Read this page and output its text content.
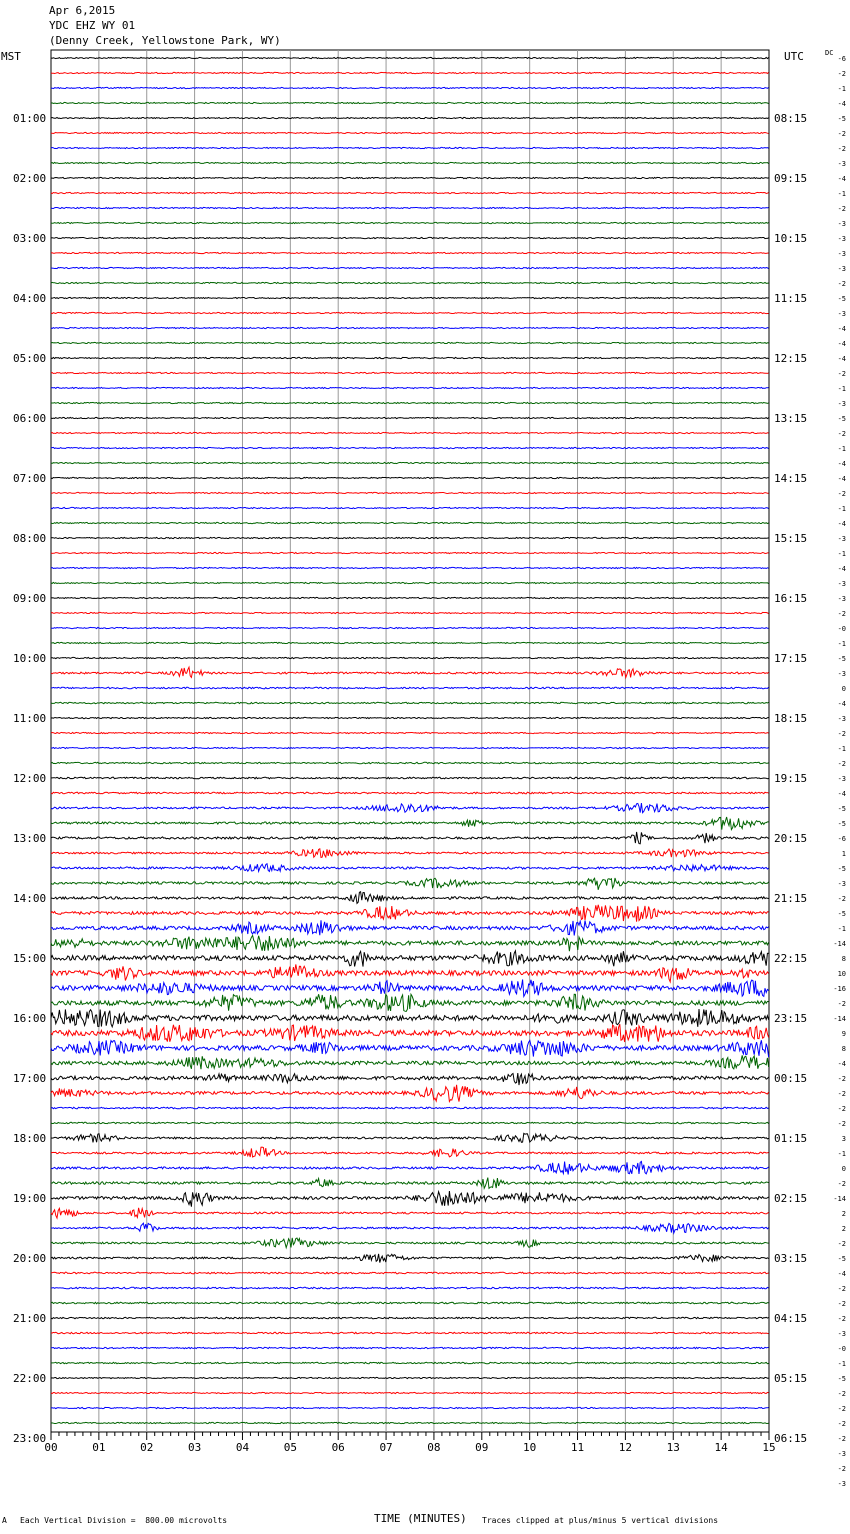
Apr 6,2015
YDC EHZ WY 01
(Denny Creek, Yellowstone Park, WY)
00	01	02	03	04	05	06	07	08	09	10	11	12	13	14	15
01:00
02:00
03:00
04:00
05:00
06:00
07:00
08:00
09:00
10:00
11:00
12:00
13:00
14:00
15:00
16:00
17:00
18:00
19:00
20:00
21:00
22:00
23:00
08:15
09:15
10:15
11:15
12:15
13:15
14:15
15:15
16:15
17:15
18:15
19:15
20:15
21:15
22:15
23:15
00:15
01:15
02:15
03:15
04:15
05:15
06:15
-6
-2
-1
-4
-5
-2
-2
-3
-4
-1
-2
-3
-3
-3
-3
-2
-5
-3
-4
-4
-4
-2
-1
-3
-5
-2
-1
-4
-4
-2
-1
-4
-3
-1
-4
-3
-3
-2
-0
-1
-5
-3
0
-4
-3
-2
-1
-2
-3
-4
-5
-5
-6
1
-5
-3
-2
-5
-1
-14
8
10
-16
-2
-14
9
8
-4
-2
-2
-2
-2
3
-1
0
-2
-14
2
2
-2
-5
-4
-2
-2
-2
-3
-0
-1
-5
-2
-2
-2
-2
-3
-2
-3
MST	UTC	DC
A Each Vertical Division =  800.00 microvolts	TIME (MINUTES) Traces clipped at plus/minus 5 vertical divisions
